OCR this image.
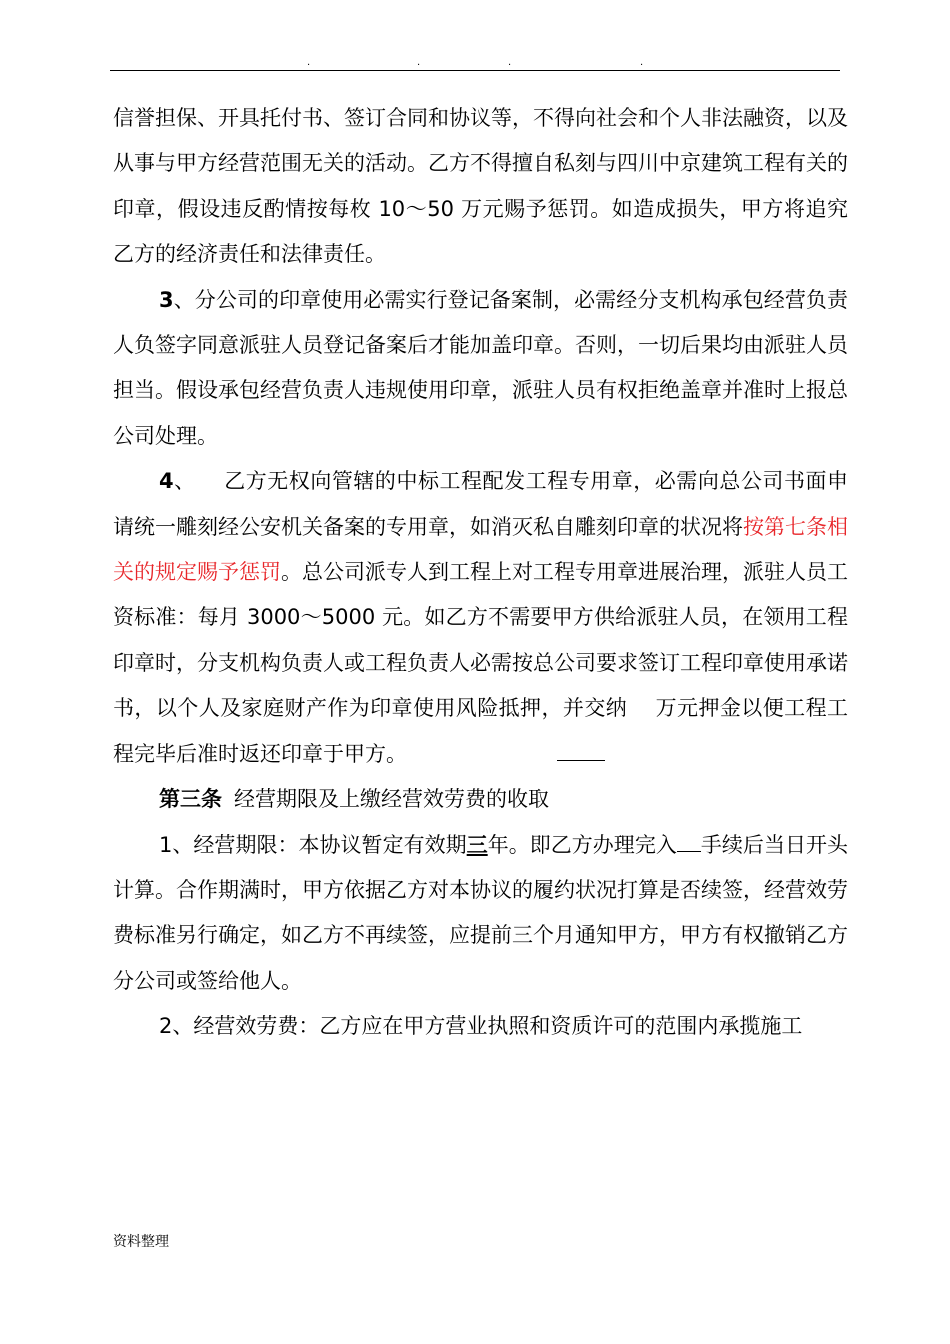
.	.	.	.

信誉担保、开具托付书、签订合同和协议等，不得向社会和个人非法融资，以及从事与甲方经营范围无关的活动。乙方不得擅自私刻与四川中京建筑工程有关的印章，假设违反酌情按每枚 10～50 万元赐予惩罚。如造成损失，甲方将追究乙方的经济责任和法律责任。

3、分公司的印章使用必需实行登记备案制，必需经分支机构承包经营负责人负签字同意派驻人员登记备案后才能加盖印章。否则，一切后果均由派驻人员担当。假设承包经营负责人违规使用印章，派驻人员有权拒绝盖章并准时上报总公司处理。

4、 乙方无权向管辖的中标工程配发工程专用章，必需向总公司书面申请统一雕刻经公安机关备案的专用章，如消灭私自雕刻印章的状况将按第七条相关的规定赐予惩罚。总公司派专人到工程上对工程专用章进展治理，派驻人员工资标准：每月 3000～5000 元。如乙方不需要甲方供给派驻人员，在领用工程印章时，分支机构负责人或工程负责人必需按总公司要求签订工程印章使用承诺书，以个人及家庭财产作为印章使用风险抵押，并交纳 万元押金以便工程工程完毕后准时返还印章于甲方。

第三条 经营期限及上缴经营效劳费的收取

1、经营期限：本协议暂定有效期三年。即乙方办理完入 手续后当日开头计算。合作期满时，甲方依据乙方对本协议的履约状况打算是否续签，经营效劳费标准另行确定，如乙方不再续签，应提前三个月通知甲方，甲方有权撤销乙方分公司或签给他人。

2、经营效劳费：乙方应在甲方营业执照和资质许可的范围内承揽施工

资料整理
